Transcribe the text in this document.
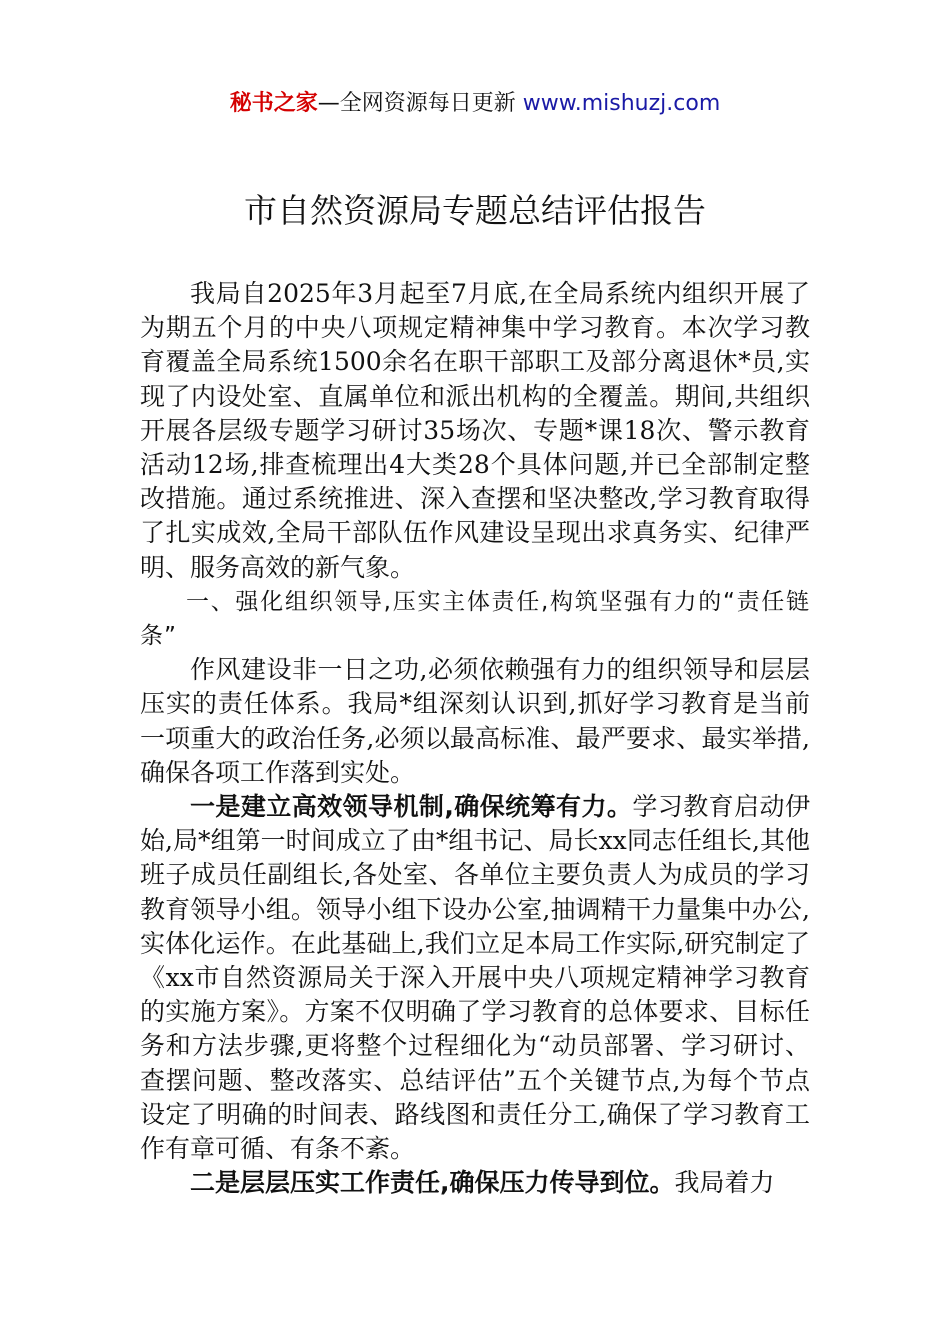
秘书之家—全网资源每日更新 www.mishuzj.com
市自然资源局专题总结评估报告

我局自2025年3月起至7月底,在全局系统内组织开展了为期五个月的中央八项规定精神集中学习教育。本次学习教育覆盖全局系统1500余名在职干部职工及部分离退休*员,实现了内设处室、直属单位和派出机构的全覆盖。期间,共组织开展各层级专题学习研讨35场次、专题*课18次、警示教育活动12场,排查梳理出4大类28个具体问题,并已全部制定整改措施。通过系统推进、深入查摆和坚决整改,学习教育取得了扎实成效,全局干部队伍作风建设呈现出求真务实、纪律严明、服务高效的新气象。

一、强化组织领导,压实主体责任,构筑坚强有力的“责任链条”

作风建设非一日之功,必须依赖强有力的组织领导和层层压实的责任体系。我局*组深刻认识到,抓好学习教育是当前一项重大的政治任务,必须以最高标准、最严要求、最实举措,确保各项工作落到实处。

一是建立高效领导机制,确保统筹有力。学习教育启动伊始,局*组第一时间成立了由*组书记、局长xx同志任组长,其他班子成员任副组长,各处室、各单位主要负责人为成员的学习教育领导小组。领导小组下设办公室,抽调精干力量集中办公,实体化运作。在此基础上,我们立足本局工作实际,研究制定了《xx市自然资源局关于深入开展中央八项规定精神学习教育的实施方案》。方案不仅明确了学习教育的总体要求、目标任务和方法步骤,更将整个过程细化为“动员部署、学习研讨、查摆问题、整改落实、总结评估”五个关键节点,为每个节点设定了明确的时间表、路线图和责任分工,确保了学习教育工作有章可循、有条不紊。

二是层层压实工作责任,确保压力传导到位。我局着力
